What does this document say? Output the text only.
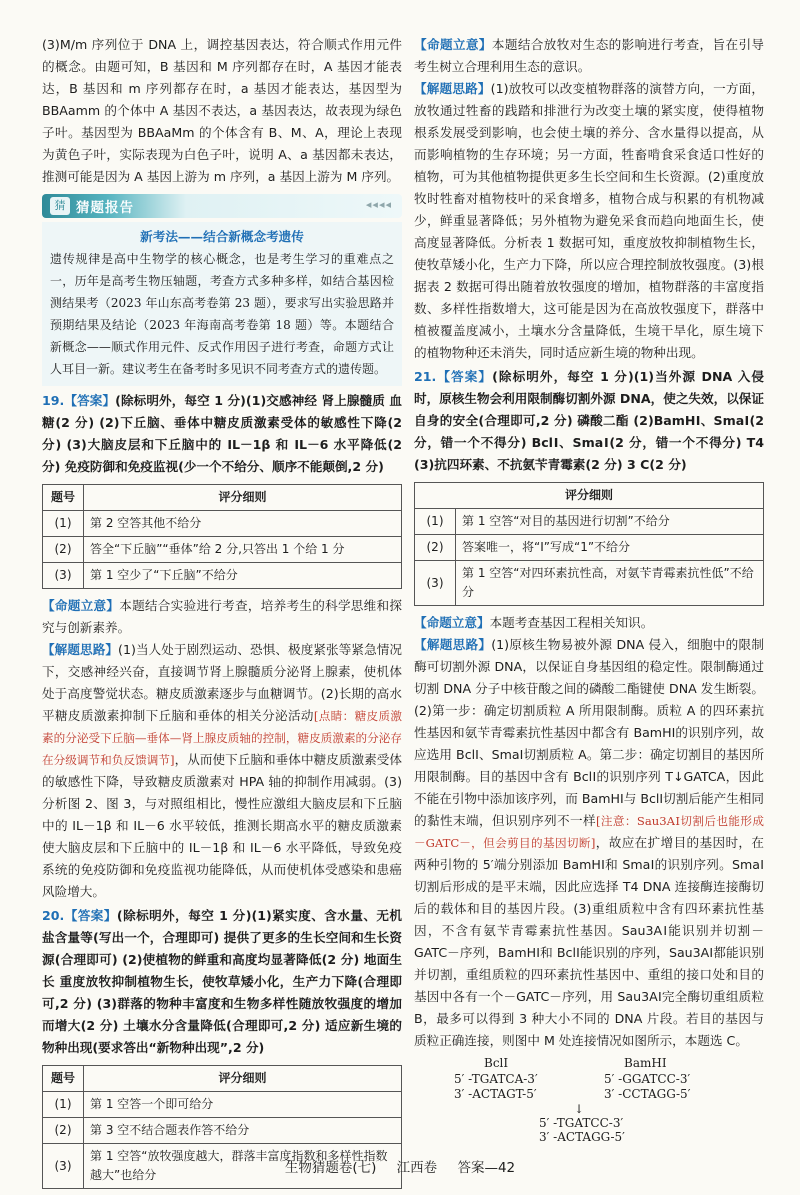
(3)M/m 序列位于 DNA 上，调控基因表达，符合顺式作用元件的概念。由题可知，B 基因和 M 序列都存在时，A 基因才能表达，B 基因和 m 序列都存在时，a 基因才能表达，基因型为 BBAamm 的个体中 A 基因不表达，a 基因表达，故表现为绿色子叶。基因型为 BBAaMm 的个体含有 B、M、A，理论上表现为黄色子叶，实际表现为白色子叶，说明 A、a 基因都未表达，推测可能是因为 A 基因上游为 m 序列，a 基因上游为 M 序列。

猜 猜题报告	◂◂◂◂
新考法——结合新概念考遗传
遗传规律是高中生物学的核心概念，也是考生学习的重难点之一，历年是高考生物压轴题，考查方式多种多样，如结合基因检测结果考（2023 年山东高考卷第 23 题），要求写出实验思路并预期结果及结论（2023 年海南高考卷第 18 题）等。本题结合新概念——顺式作用元件、反式作用因子进行考查，命题方式让人耳目一新。建议考生在备考时多见识不同考查方式的遗传题。

19.【答案】(除标明外，每空 1 分)(1)交感神经 肾上腺髓质 血糖(2 分) (2)下丘脑、垂体中糖皮质激素受体的敏感性下降(2 分) (3)大脑皮层和下丘脑中的 IL－1β 和 IL－6 水平降低(2 分) 免疫防御和免疫监视(少一个不给分、顺序不能颠倒,2 分)

题号	评分细则
(1)	第 2 空答其他不给分
(2)	答全“下丘脑”“垂体”给 2 分,只答出 1 个给 1 分
(3)	第 1 空少了“下丘脑”不给分

【命题立意】本题结合实验进行考查，培养考生的科学思维和探究与创新素养。

【解题思路】(1)当人处于剧烈运动、恐惧、极度紧张等紧急情况下，交感神经兴奋，直接调节肾上腺髓质分泌肾上腺素，使机体处于高度警觉状态。糖皮质激素逐步与血糖调节。(2)长期的高水平糖皮质激素抑制下丘脑和垂体的相关分泌活动[点睛：糖皮质激素的分泌受下丘脑—垂体—肾上腺皮质轴的控制，糖皮质激素的分泌存在分级调节和负反馈调节]，从而使下丘脑和垂体中糖皮质激素受体的敏感性下降，导致糖皮质激素对 HPA 轴的抑制作用减弱。(3)分析图 2、图 3，与对照组相比，慢性应激组大脑皮层和下丘脑中的 IL－1β 和 IL－6 水平较低，推测长期高水平的糖皮质激素使大脑皮层和下丘脑中的 IL－1β 和 IL－6 水平降低，导致免疫系统的免疫防御和免疫监视功能降低，从而使机体受感染和患癌风险增大。

20.【答案】(除标明外，每空 1 分)(1)紧实度、含水量、无机盐含量等(写出一个，合理即可) 提供了更多的生长空间和生长资源(合理即可) (2)使植物的鲜重和高度均显著降低(2 分) 地面生长 重度放牧抑制植物生长，使牧草矮小化，生产力下降(合理即可,2 分) (3)群落的物种丰富度和生物多样性随放牧强度的增加而增大(2 分) 土壤水分含量降低(合理即可,2 分) 适应新生境的物种出现(要求答出“新物种出现”,2 分)

题号	评分细则
(1)	第 1 空答一个即可给分
(2)	第 3 空不结合题表作答不给分
(3)	第 1 空答“放牧强度越大，群落丰富度指数和多样性指数越大”也给分

【命题立意】本题结合放牧对生态的影响进行考查，旨在引导考生树立合理利用生态的意识。

【解题思路】(1)放牧可以改变植物群落的演替方向，一方面，放牧通过牲畜的践踏和排泄行为改变土壤的紧实度，使得植物根系发展受到影响，也会使土壤的养分、含水量得以提高，从而影响植物的生存环境；另一方面，牲畜啃食采食适口性好的植物，可为其他植物提供更多生长空间和生长资源。(2)重度放牧时牲畜对植物枝叶的采食增多，植物合成与积累的有机物减少，鲜重显著降低；另外植物为避免采食而趋向地面生长，使高度显著降低。分析表 1 数据可知，重度放牧抑制植物生长，使牧草矮小化，生产力下降，所以应合理控制放牧强度。(3)根据表 2 数据可得出随着放牧强度的增加，植物群落的丰富度指数、多样性指数增大，这可能是因为在高放牧强度下，群落中植被覆盖度减小，土壤水分含量降低，生境干旱化，原生境下的植物物种还未消失，同时适应新生境的物种出现。

21.【答案】(除标明外，每空 1 分)(1)当外源 DNA 入侵时，原核生物会利用限制酶切割外源 DNA，使之失效，以保证自身的安全(合理即可,2 分) 磷酸二酯 (2)BamHⅠ、SmaⅠ(2 分，错一个不得分) BclⅠ、SmaⅠ(2 分，错一个不得分) T4 (3)抗四环素、不抗氨苄青霉素(2 分) 3 C(2 分)

评分细则	
(1)	第 1 空答“对目的基因进行切割”不给分
(2)	答案唯一，将“Ⅰ”写成“1”不给分
(3)	第 1 空答“对四环素抗性高，对氨苄青霉素抗性低”不给分

【命题立意】本题考查基因工程相关知识。

【解题思路】(1)原核生物易被外源 DNA 侵入，细胞中的限制酶可切割外源 DNA，以保证自身基因组的稳定性。限制酶通过切割 DNA 分子中核苷酸之间的磷酸二酯键使 DNA 发生断裂。(2)第一步：确定切割质粒 A 所用限制酶。质粒 A 的四环素抗性基因和氨苄青霉素抗性基因中都含有 BamHⅠ的识别序列，故应选用 BclⅠ、SmaⅠ切割质粒 A。第二步：确定切割目的基因所用限制酶。目的基因中含有 BclⅠ的识别序列 T↓GATCA，因此不能在引物中添加该序列，而 BamHⅠ与 BclⅠ切割后能产生相同的黏性末端，但识别序列不一样[注意：Sau3AⅠ切割后也能形成－GATC－，但会剪目的基因切断]，故应在扩增目的基因时，在两种引物的 5′端分别添加 BamHⅠ和 SmaⅠ的识别序列。SmaⅠ切割后形成的是平末端，因此应选择 T4 DNA 连接酶连接酶切后的载体和目的基因片段。(3)重组质粒中含有四环素抗性基因，不含有氨苄青霉素抗性基因。Sau3AⅠ能识别并切割－GATC－序列，BamHⅠ和 BclⅠ能识别的序列，Sau3AⅠ都能识别并切割，重组质粒的四环素抗性基因中、重组的接口处和目的基因中各有一个－GATC－序列，用 Sau3AⅠ完全酶切重组质粒 B，最多可以得到 3 种大小不同的 DNA 片段。若目的基因与质粒正确连接，则图中 M 处连接情况如图所示，本题选 C。

BclⅠ	BamHⅠ
5′ -TGATCA-3′
3′ -ACTAGT-5′
5′ -GGATCC-3′
3′ -CCTAGG-5′
↓
5′ -TGATCC-3′
3′ -ACTAGG-5′
生物猜题卷(七) 江西卷 答案—42
